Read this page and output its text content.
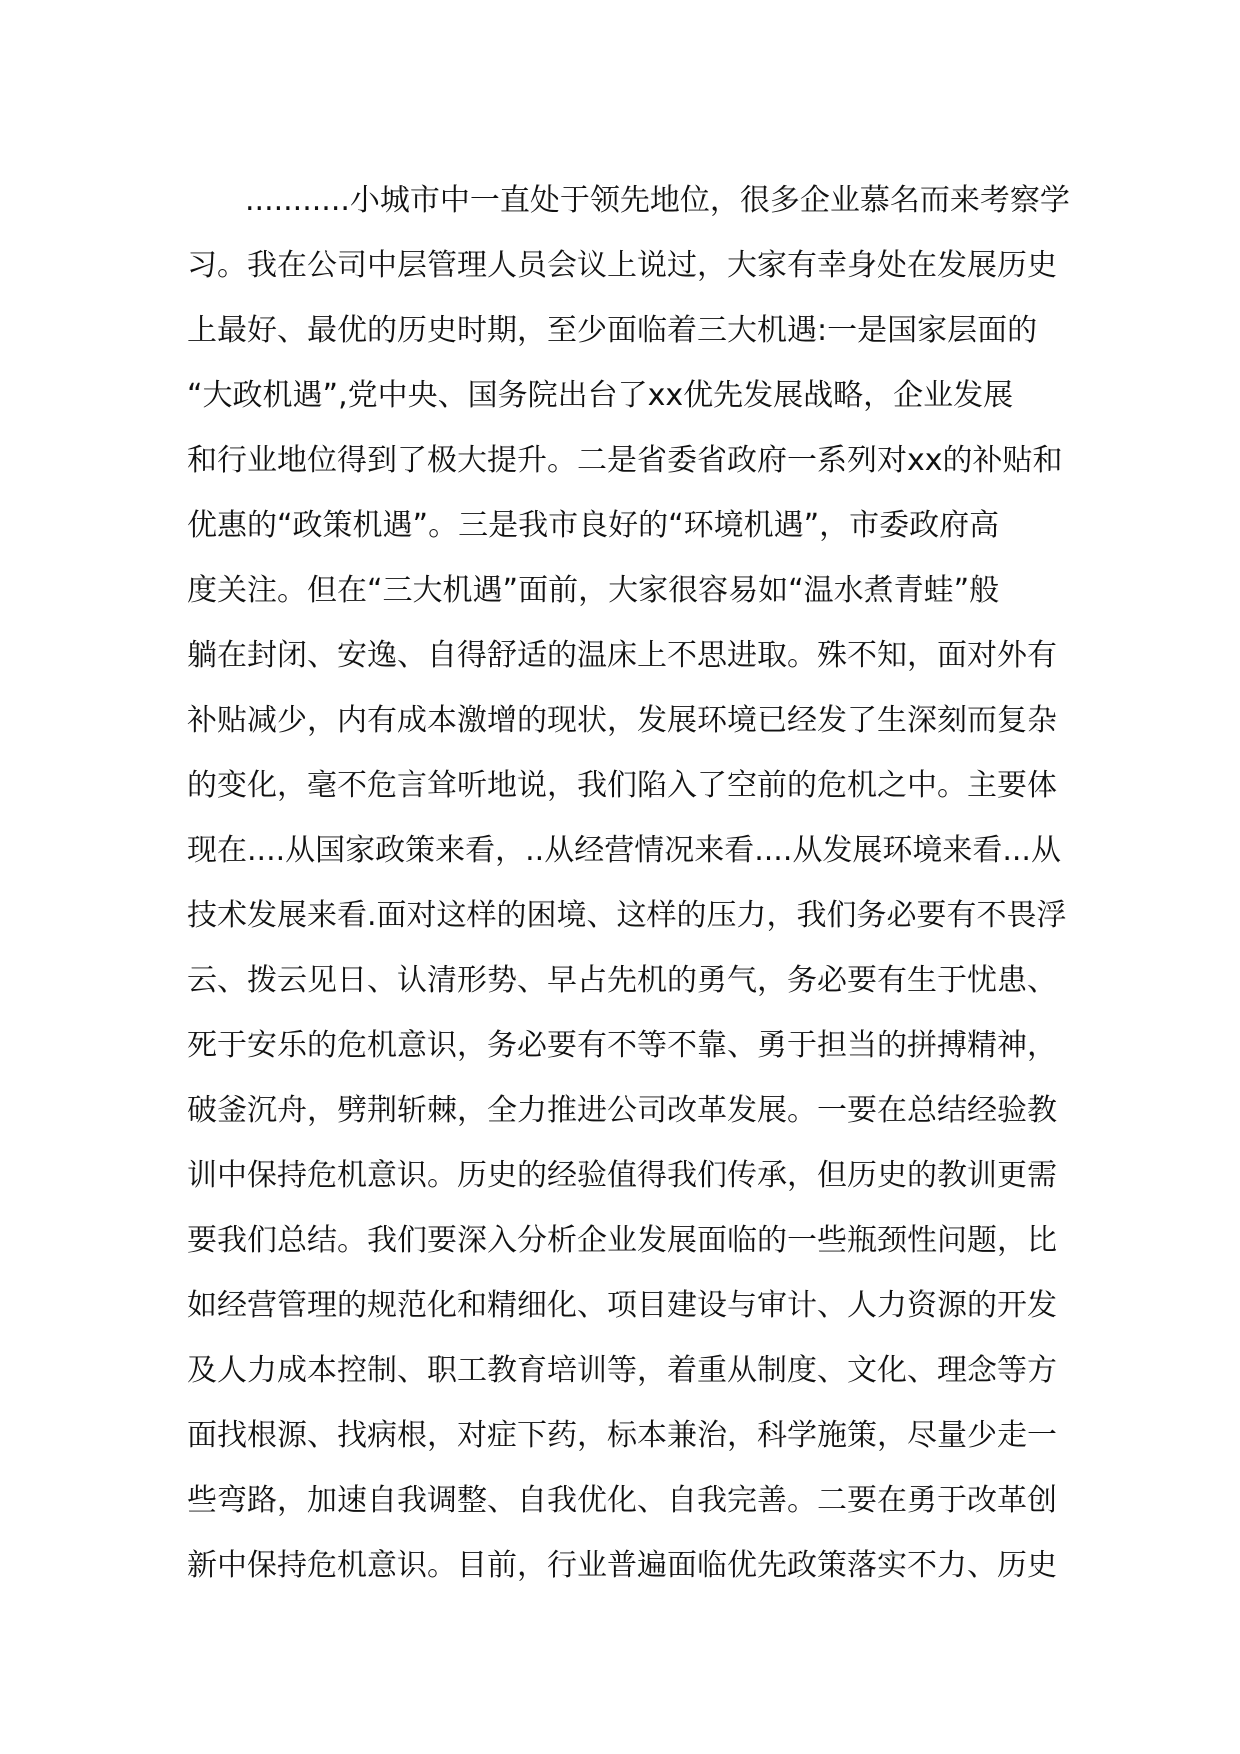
...........小城市中一直处于领先地位，很多企业慕名而来考察学
习。我在公司中层管理人员会议上说过，大家有幸身处在发展历史
上最好、最优的历史时期，至少面临着三大机遇:一是国家层面的
“大政机遇”,党中央、国务院出台了xx优先发展战略，企业发展
和行业地位得到了极大提升。二是省委省政府一系列对xx的补贴和
优惠的“政策机遇”。三是我市良好的“环境机遇”，市委政府高
度关注。但在“三大机遇”面前，大家很容易如“温水煮青蛙”般
躺在封闭、安逸、自得舒适的温床上不思进取。殊不知，面对外有
补贴减少，内有成本激增的现状，发展环境已经发了生深刻而复杂
的变化，毫不危言耸听地说，我们陷入了空前的危机之中。主要体
现在....从国家政策来看，..从经营情况来看....从发展环境来看...从
技术发展来看.面对这样的困境、这样的压力，我们务必要有不畏浮
云、拨云见日、认清形势、早占先机的勇气，务必要有生于忧患、
死于安乐的危机意识，务必要有不等不靠、勇于担当的拼搏精神，
破釜沉舟，劈荆斩棘，全力推进公司改革发展。一要在总结经验教
训中保持危机意识。历史的经验值得我们传承，但历史的教训更需
要我们总结。我们要深入分析企业发展面临的一些瓶颈性问题，比
如经营管理的规范化和精细化、项目建设与审计、人力资源的开发
及人力成本控制、职工教育培训等，着重从制度、文化、理念等方
面找根源、找病根，对症下药，标本兼治，科学施策，尽量少走一
些弯路，加速自我调整、自我优化、自我完善。二要在勇于改革创
新中保持危机意识。目前，行业普遍面临优先政策落实不力、历史
